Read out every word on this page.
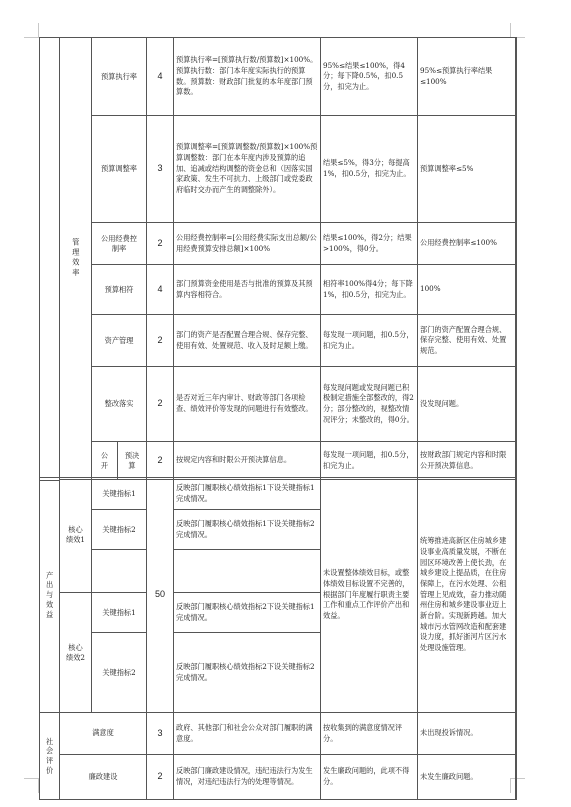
	管理效率	预算执行率		4	预算执行率=[预算执行数/预算数]×100%。预算执行数：部门本年度实际执行的预算数。预算数：财政部门批复的本年度部门预算数。	95%≤结果≤100%，得4分；每下降0.5%，扣0.5分，扣完为止。	95%≤预算执行率结果≤100%	
		预算调整率		3	预算调整率=[预算调整数/预算数]×100%预算调整数：部门在本年度内涉及预算的追加、追减或结构调整的资金总和（因落实国家政策、发生不可抗力、上级部门或党委政府临时交办而产生的调整除外）。	结果≤5%，得3分；每提高1%，扣0.5分，扣完为止。	预算调整率≤5%	
		公用经费控制率		2	公用经费控制率=[公用经费实际支出总额/公用经费预算安排总额]×100%	结果≤100%，得2分；结果>100%，得0分。	公用经费控制率≤100%	
		预算相符		4	部门预算资金使用是否与批准的预算及其预算内容相符合。	相符率100%得4分；每下降1%，扣0.5分，扣完为止。	100%	
		资产管理		2	部门的资产是否配置合理合规、保存完整、使用有效、处置规范、收入及时足额上缴。	每发现一项问题，扣0.5分，扣完为止。	部门的资产配置合理合规、保存完整、使用有效、处置规范。	
		整改落实		2	是否对近三年内审计、财政等部门各项检查、绩效评价等发现的问题进行有效整改。	每发现问题或发现问题已积极制定措施全部整改的，得2分；部分整改的，视整改情况评分；未整改的，得0分。	没发现问题。	
		公开	预决算	2	按规定内容和时限公开预决算信息。	每发现一项问题，扣0.5分，扣完为止。	按财政部门规定内容和时限公开预决算信息。	

产出与效益	核心绩效1	关键指标1	50	反映部门履职核心绩效指标1下设关键指标1完成情况。	未设置整体绩效目标，或整体绩效目标设置不完善的，根据部门年度履行职责主要工作和重点工作评价产出和效益。	统筹推进高新区住房城乡建设事业高质量发展，不断在园区环境改善上使长劲，在城乡建设上提品质，在住房保障上，在污水处理、公租管理上见成效，奋力推动随州住房和城乡建设事业迈上新台阶。实现新跨越。加大城市污水管网改造和配套建设力度，抓好浙河片区污水处理设施管理。	
		关键指标2		反映部门履职核心绩效指标1下设关键指标2完成情况。			

	核心绩效2	关键指标1		反映部门履职核心绩效指标2下设关键指标1完成情况。			
		关键指标2		反映部门履职核心绩效指标2下设关键指标2完成情况。			
社会评价	满意度		3	政府、其他部门和社会公众对部门履职的满意度。	按收集到的满意度情况评分。	未出现投诉情况。	
	廉政建设		2	反映部门廉政建设情况，违纪违法行为发生情况，对违纪违法行为的处理等情况。	发生廉政问题的，此项不得分。	未发生廉政问题。	
